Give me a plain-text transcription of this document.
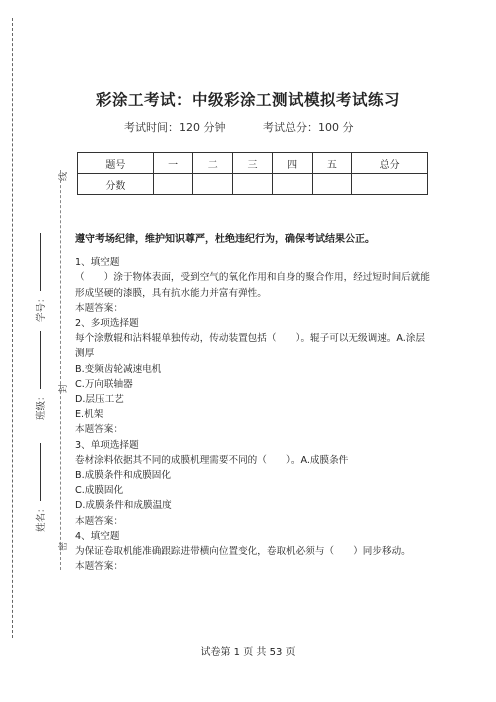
线
封
密
学号：
班级：
姓名：
彩涂工考试：中级彩涂工测试模拟考试练习
考试时间：120 分钟	考试总分：100 分
题号	一	二	三	四	五	总分
分数						

遵守考场纪律，维护知识尊严，杜绝违纪行为，确保考试结果公正。

1、填空题

（　　）涂于物体表面，受到空气的氧化作用和自身的聚合作用，经过短时间后就能形成坚硬的漆膜，具有抗水能力并富有弹性。

本题答案：

2、多项选择题

每个涂敷辊和沾料辊单独传动，传动装置包括（　　）。辊子可以无级调速。A.涂层测厚

B.变频齿轮减速电机

C.万向联轴器

D.层压工艺

E.机架

本题答案：

3、单项选择题

卷材涂料依据其不同的成膜机理需要不同的（　　）。A.成膜条件

B.成膜条件和成膜固化

C.成膜固化

D.成膜条件和成膜温度

本题答案：

4、填空题

为保证卷取机能准确跟踪进带横向位置变化，卷取机必须与（　　）同步移动。

本题答案：

试卷第 1 页 共 53 页
